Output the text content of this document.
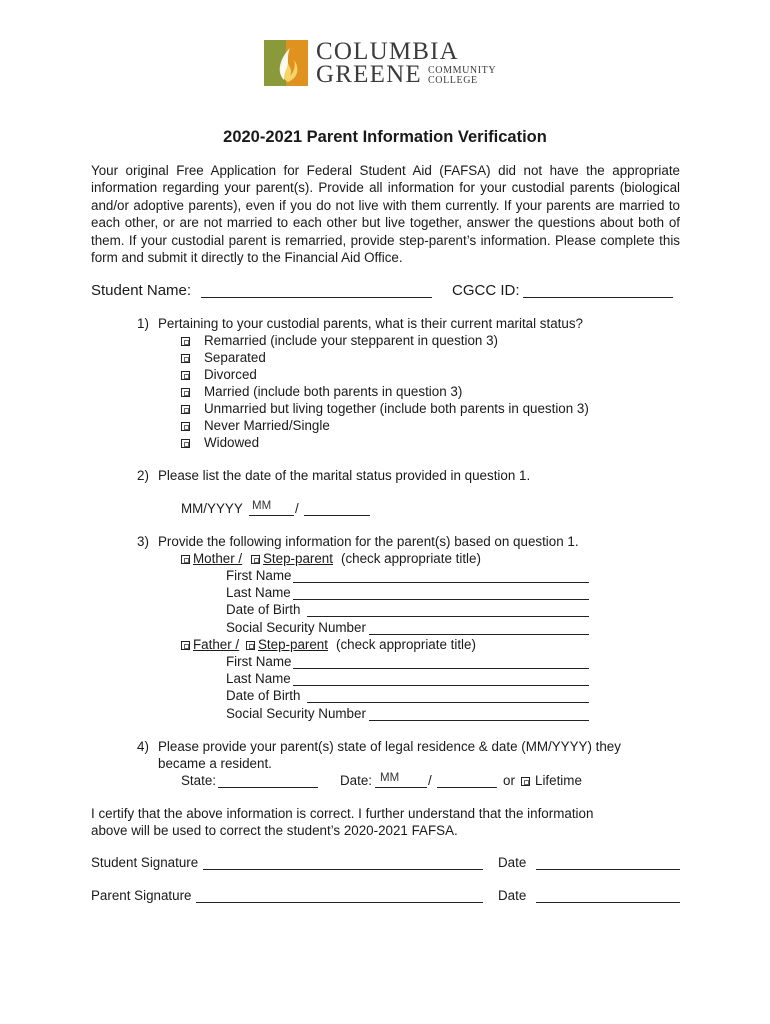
COLUMBIA
GREENE COMMUNITY
COLLEGE
2020-2021 Parent Information Verification
Your original Free Application for Federal Student Aid (FAFSA) did not have the appropriate information regarding your parent(s). Provide all information for your custodial parents (biological and/or adoptive parents), even if you do not live with them currently. If your parents are married to each other, or are not married to each other but live together, answer the questions about both of them. If your custodial parent is remarried, provide step-parent’s information. Please complete this form and submit it directly to the Financial Aid Office.
Student Name:	CGCC ID:
1) Pertaining to your custodial parents, what is their current marital status?
Remarried (include your stepparent in question 3)
Separated
Divorced
Married (include both parents in question 3)
Unmarried but living together (include both parents in question 3)
Never Married/Single
Widowed
2) Please list the date of the marital status provided in question 1.
MM/YYYY MM /
3) Provide the following information for the parent(s) based on question 1.
Mother / Step-parent (check appropriate title)
First Name
Last Name
Date of Birth
Social Security Number
Father / Step-parent (check appropriate title)
First Name
Last Name
Date of Birth
Social Security Number
4) Please provide your parent(s) state of legal residence & date (MM/YYYY) they
became a resident.
State:	Date: MM /	or Lifetime
I certify that the above information is correct. I further understand that the information
above will be used to correct the student’s 2020-2021 FAFSA.
Student Signature	Date
Parent Signature	Date
